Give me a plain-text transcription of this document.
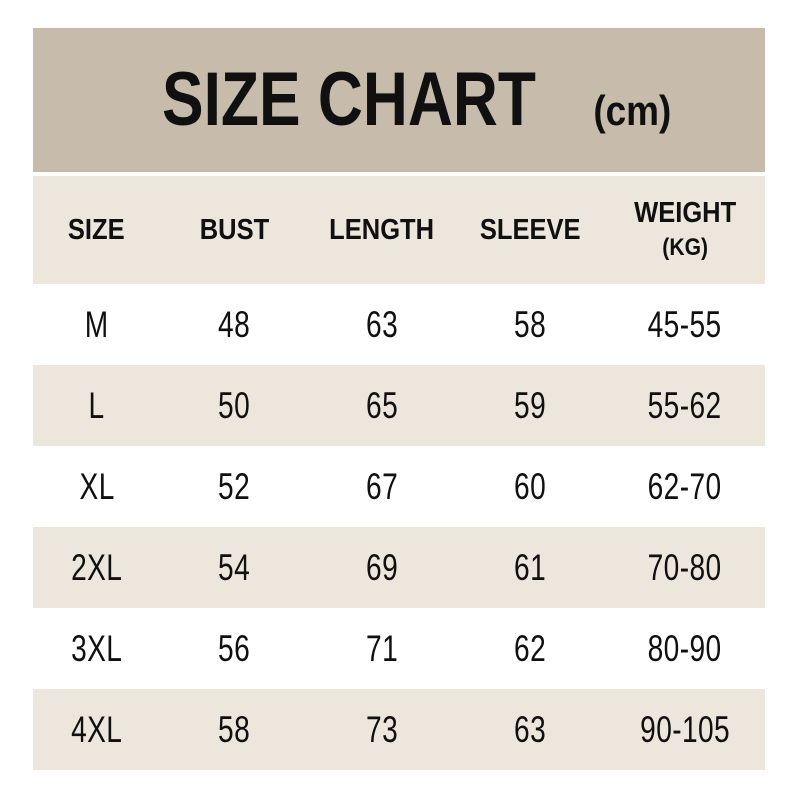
SIZE CHART (cm)
SIZE	BUST	LENGTH	SLEEVE	WEIGHT (KG)
M	48	63	58	45-55
L	50	65	59	55-62
XL	52	67	60	62-70
2XL	54	69	61	70-80
3XL	56	71	62	80-90
4XL	58	73	63	90-105
